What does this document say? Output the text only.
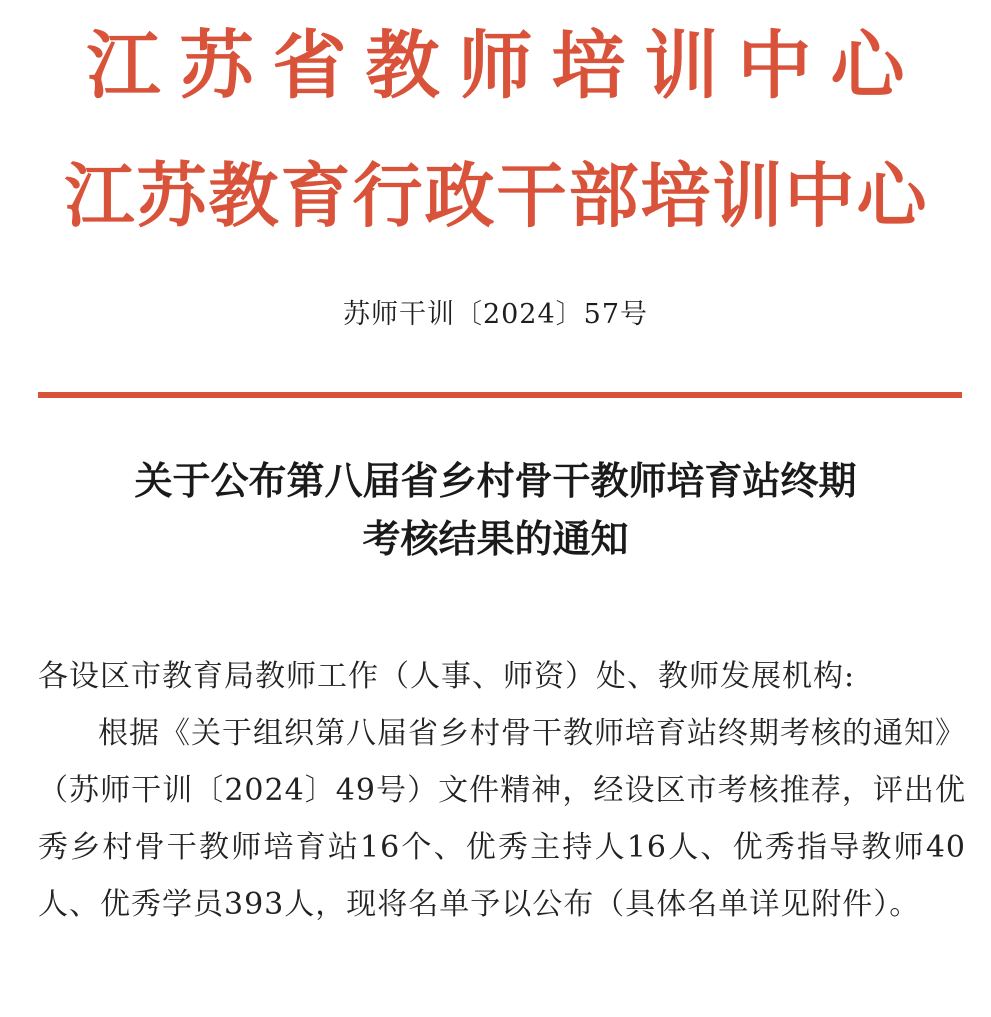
江苏省教师培训中心
江苏教育行政干部培训中心
苏师干训〔2024〕57号
关于公布第八届省乡村骨干教师培育站终期
考核结果的通知
各设区市教育局教师工作（人事、师资）处、教师发展机构:
根据《关于组织第八届省乡村骨干教师培育站终期考核的通知》（苏师干训〔2024〕49号）文件精神，经设区市考核推荐，评出优秀乡村骨干教师培育站16个、优秀主持人16人、优秀指导教师40人、优秀学员393人，现将名单予以公布（具体名单详见附件）。
